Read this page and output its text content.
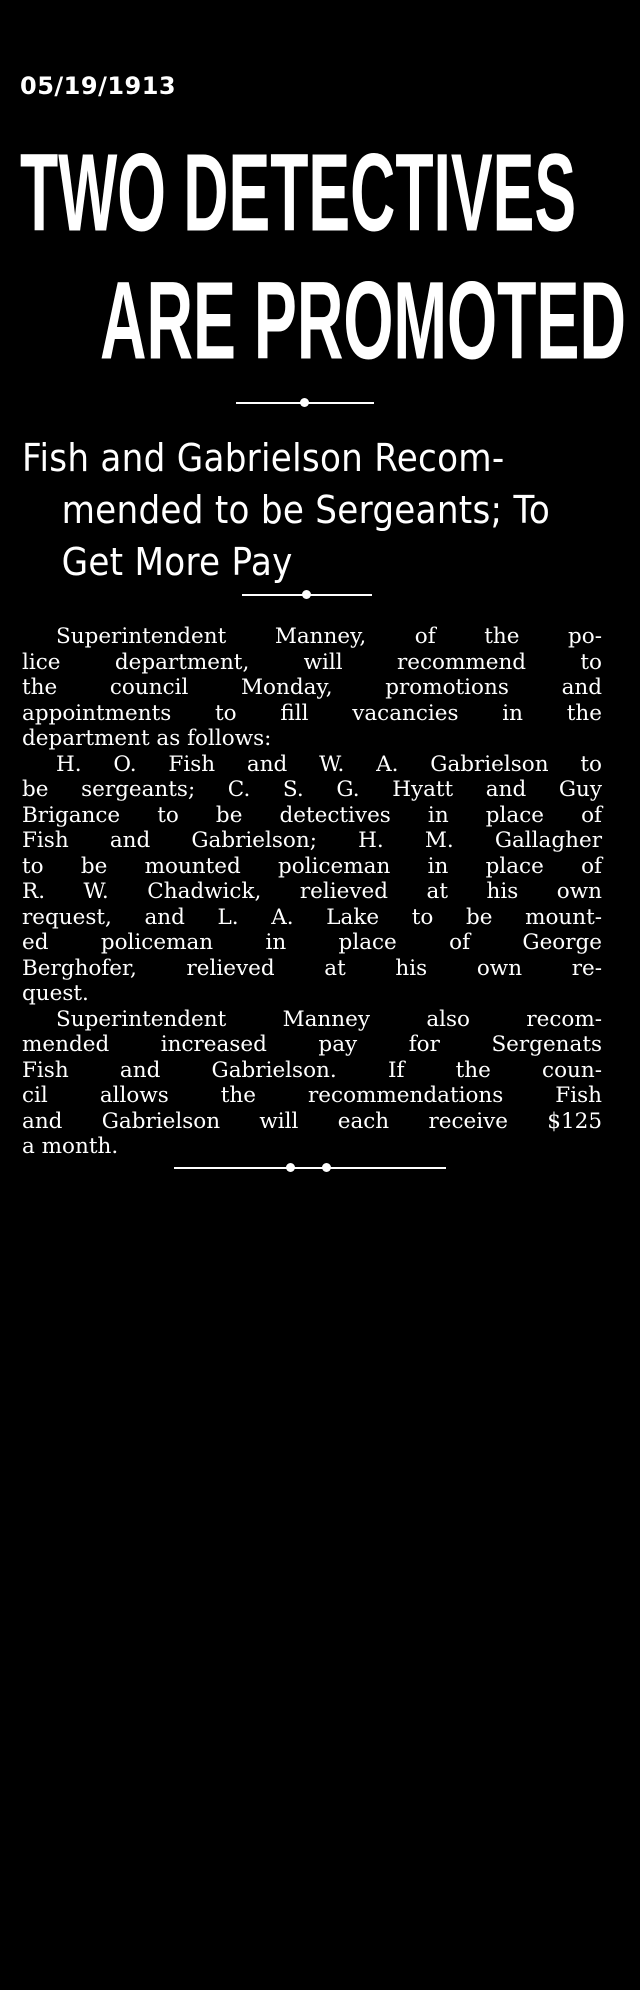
05/19/1913
TWO DETECTIVES
ARE PROMOTED
Fish and Gabrielson Recom-
mended to be Sergeants; To
Get More Pay
Superintendent Manney, of the po-
lice department, will recommend to
the council Monday, promotions and
appointments to fill vacancies in the
department as follows:
H. O. Fish and W. A. Gabrielson to
be sergeants; C. S. G. Hyatt and Guy
Brigance to be detectives in place of
Fish and Gabrielson; H. M. Gallagher
to be mounted policeman in place of
R. W. Chadwick, relieved at his own
request, and L. A. Lake to be mount-
ed policeman in place of George
Berghofer, relieved at his own re-
quest.
Superintendent Manney also recom-
mended increased pay for Sergenats
Fish and Gabrielson. If the coun-
cil allows the recommendations Fish
and Gabrielson will each receive $125
a month.
